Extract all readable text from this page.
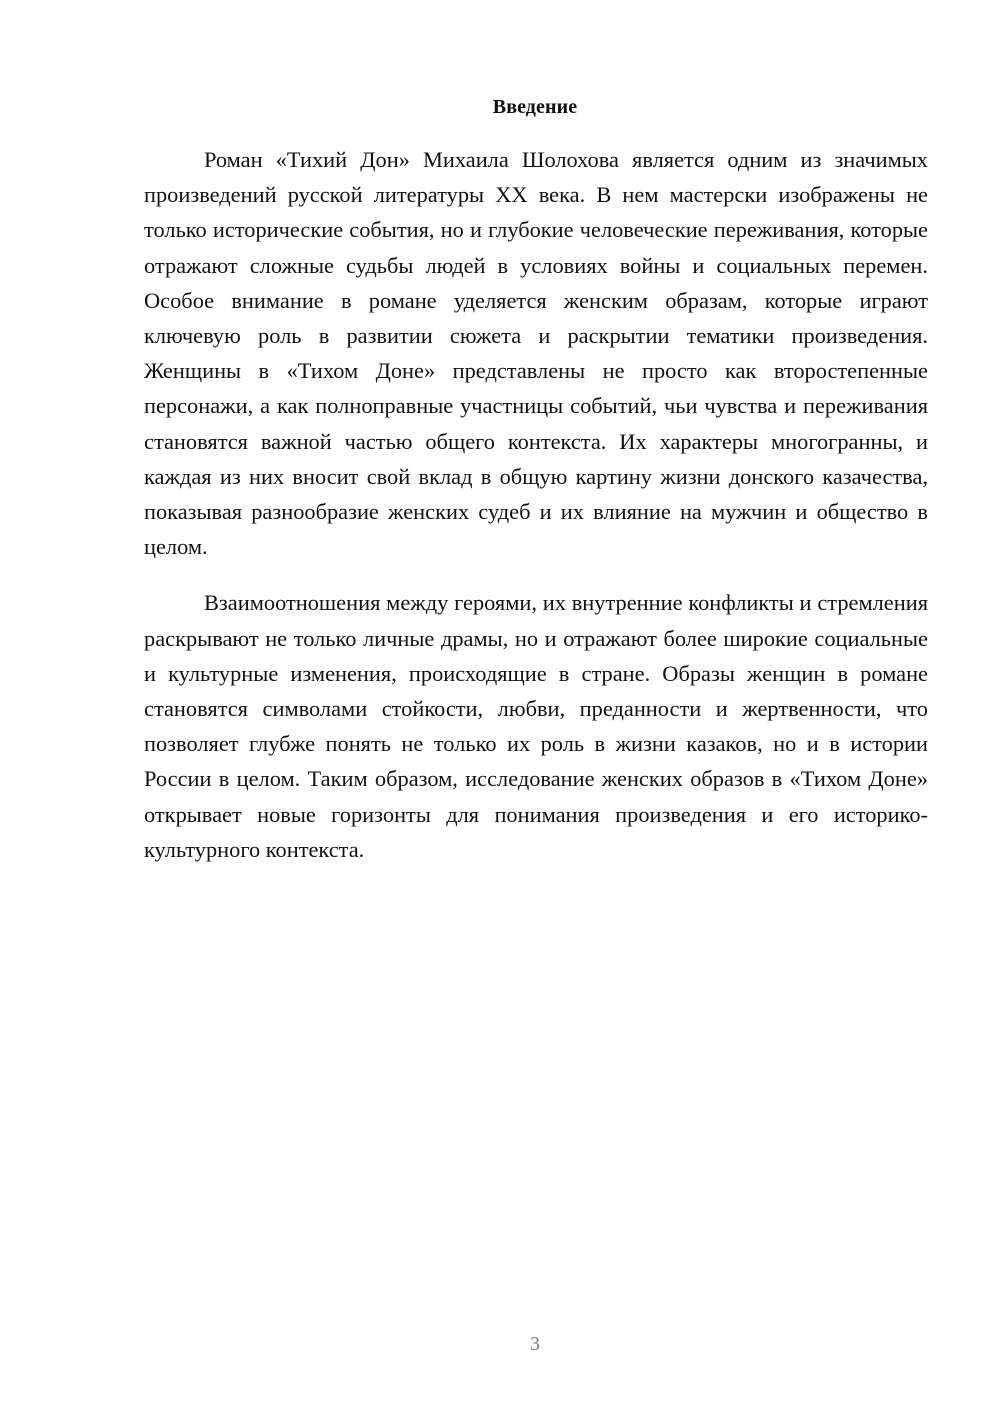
Введение

Роман «Тихий Дон» Михаила Шолохова является одним из значимых произведений русской литературы XX века. В нем мастерски изображены не только исторические события, но и глубокие человеческие переживания, которые отражают сложные судьбы людей в условиях войны и социальных перемен. Особое внимание в романе уделяется женским образам, которые играют ключевую роль в развитии сюжета и раскрытии тематики произведения. Женщины в «Тихом Доне» представлены не просто как второстепенные персонажи, а как полноправные участницы событий, чьи чувства и переживания становятся важной частью общего контекста. Их характеры многогранны, и каждая из них вносит свой вклад в общую картину жизни донского казачества, показывая разнообразие женских судеб и их влияние на мужчин и общество в целом.

Взаимоотношения между героями, их внутренние конфликты и стремления раскрывают не только личные драмы, но и отражают более широкие социальные и культурные изменения, происходящие в стране. Образы женщин в романе становятся символами стойкости, любви, преданности и жертвенности, что позволяет глубже понять не только их роль в жизни казаков, но и в истории России в целом. Таким образом, исследование женских образов в «Тихом Доне» открывает новые горизонты для понимания произведения и его историко-культурного контекста.

3
